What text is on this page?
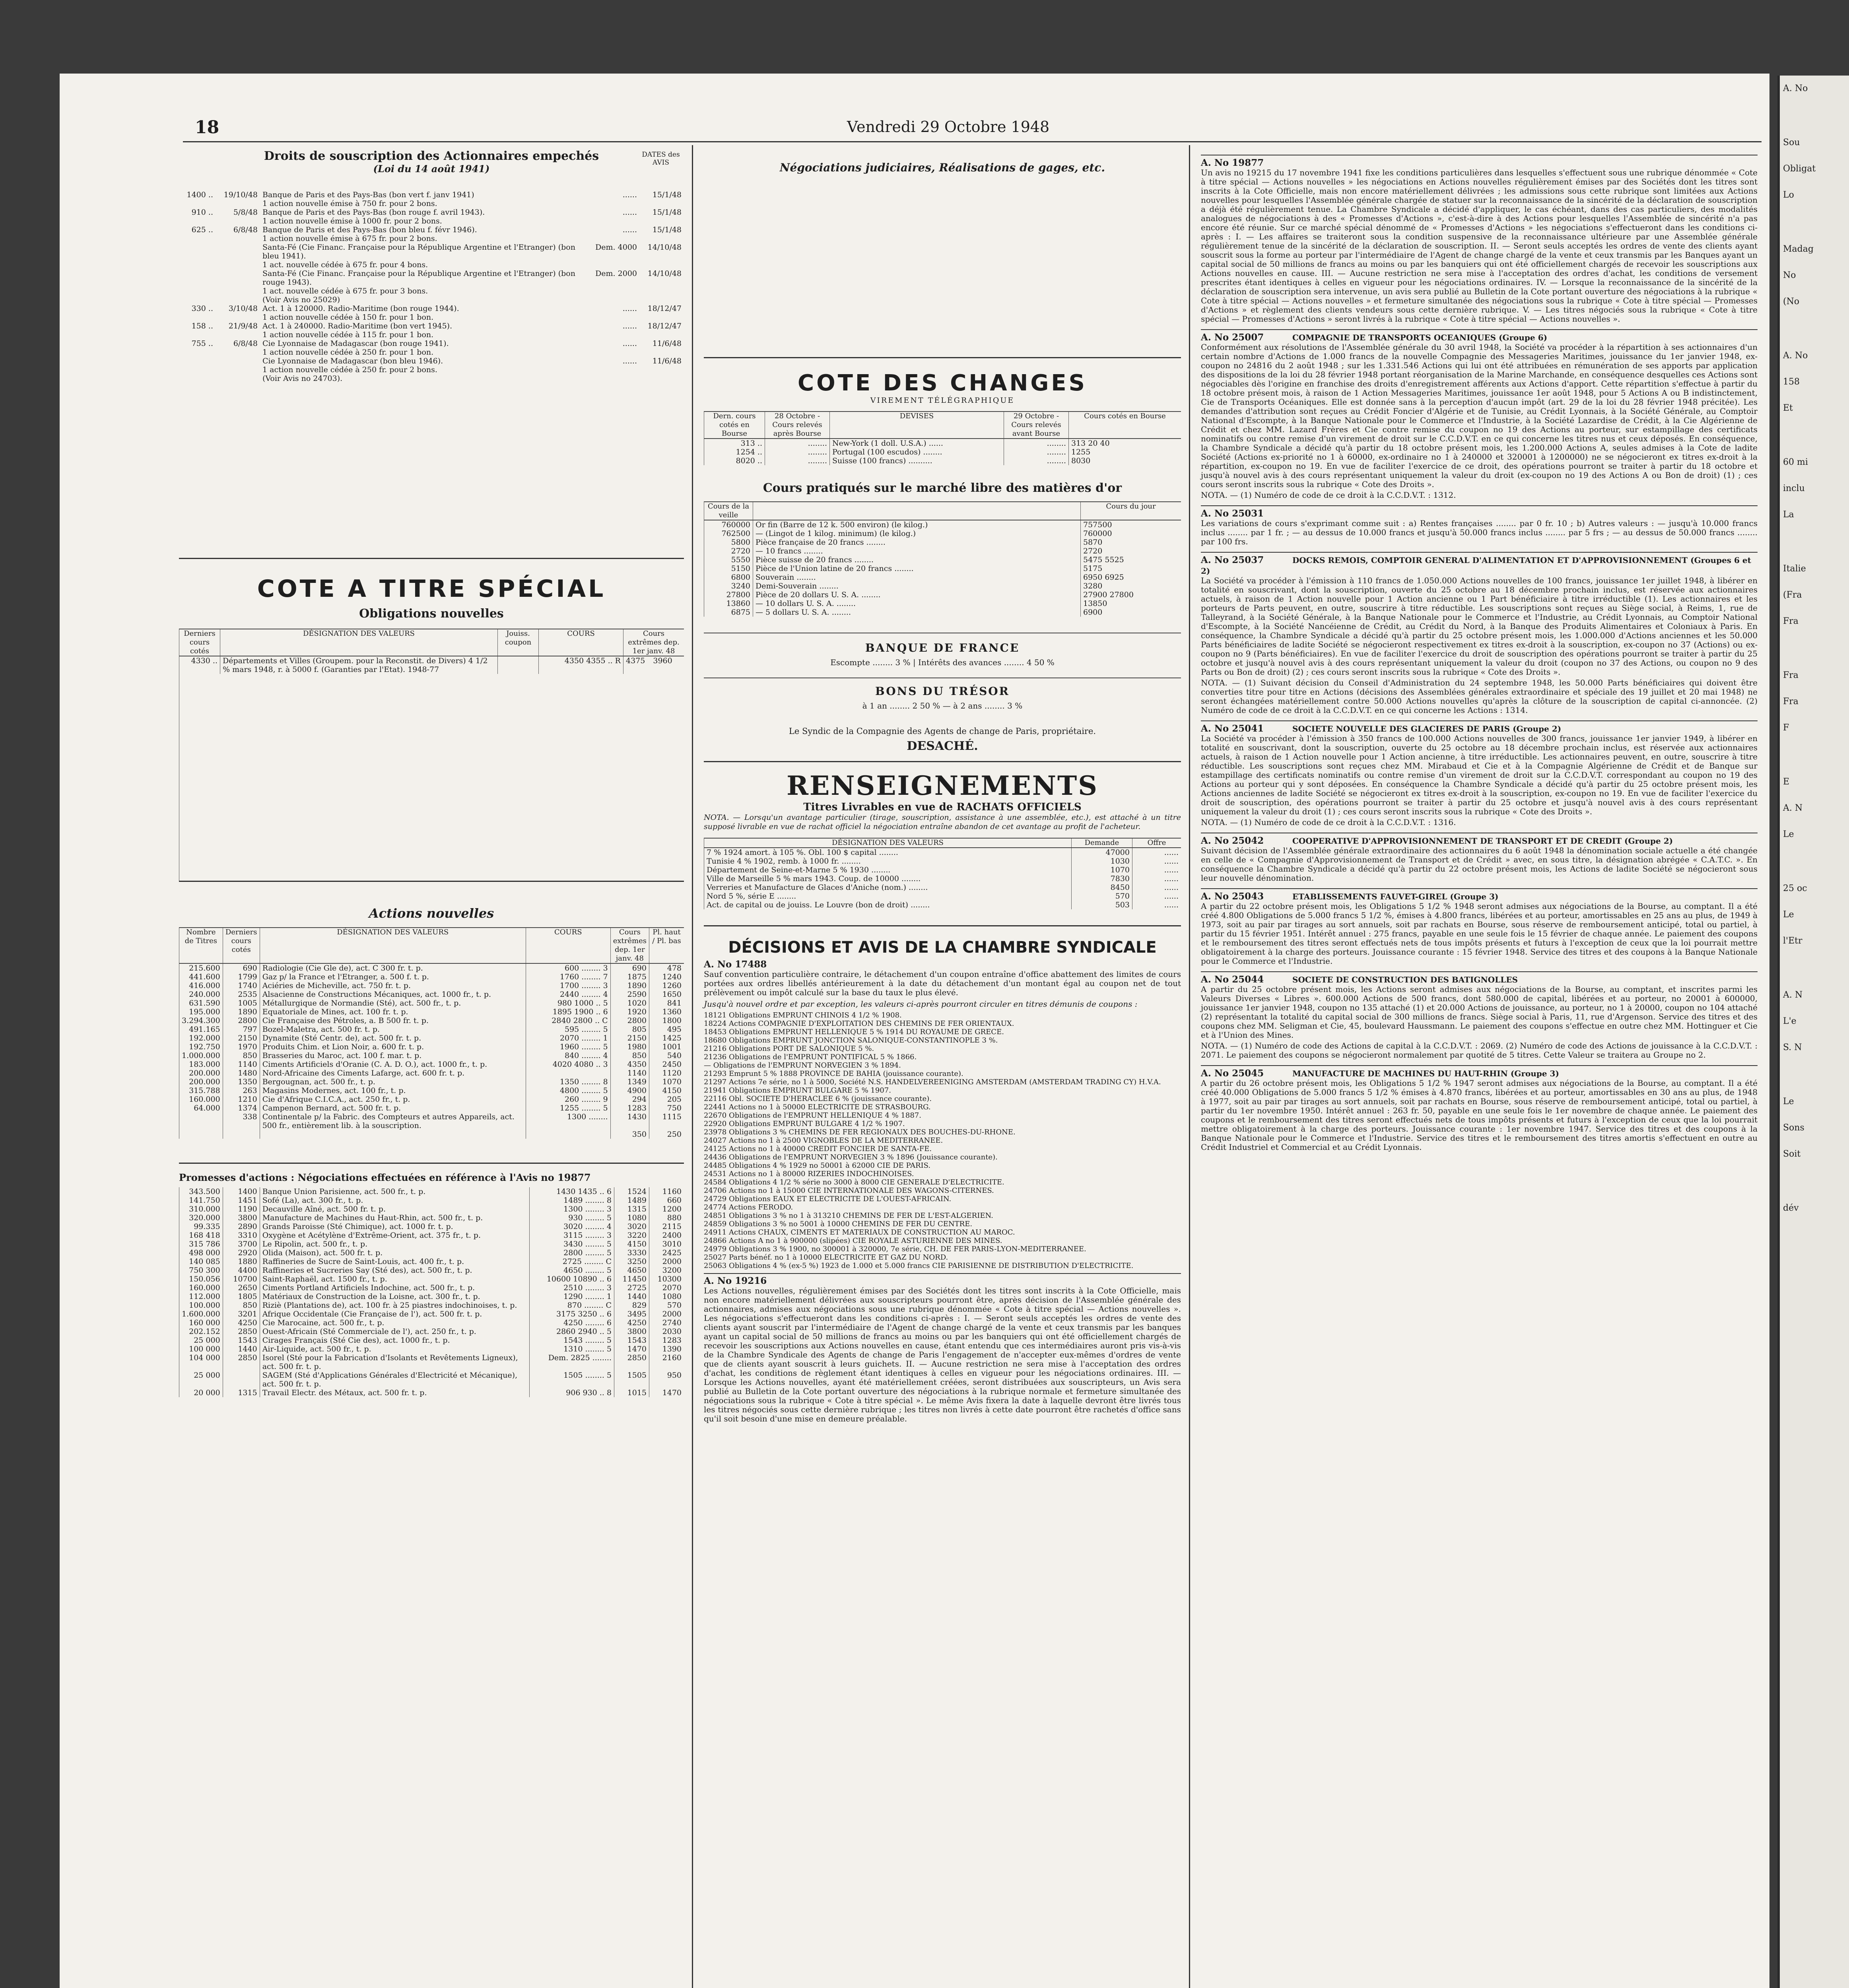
18	Vendredi 29 Octobre 1948
Droits de souscription des Actionnaires empechés
(Loi du 14 août 1941)
DATES des AVIS
1400 ..	19/10/48	Banque de Paris et des Pays-Bas (bon vert f. janv 1941)	......	15/1/48
		1 action nouvelle émise à 750 fr. pour 2 bons.		
910 ..	5/8/48	Banque de Paris et des Pays-Bas (bon rouge f. avril 1943).	......	15/1/48
		1 action nouvelle émise à 1000 fr. pour 2 bons.		
625 ..	6/8/48	Banque de Paris et des Pays-Bas (bon bleu f. févr 1946).	......	15/1/48
		1 action nouvelle émise à 675 fr. pour 2 bons.		
		Santa-Fé (Cie Financ. Française pour la République Argentine et l'Etranger) (bon bleu 1941).	Dem. 4000	14/10/48
		1 act. nouvelle cédée à 675 fr. pour 4 bons.		
		Santa-Fé (Cie Financ. Française pour la République Argentine et l'Etranger) (bon rouge 1943).	Dem. 2000	14/10/48
		1 act. nouvelle cédée à 675 fr. pour 3 bons.		
		(Voir Avis no 25029)		
330 ..	3/10/48	Act. 1 à 120000. Radio-Maritime (bon rouge 1944).	......	18/12/47
		1 action nouvelle cédée à 150 fr. pour 1 bon.		
158 ..	21/9/48	Act. 1 à 240000. Radio-Maritime (bon vert 1945).	......	18/12/47
		1 action nouvelle cédée à 115 fr. pour 1 bon.		
755 ..	6/8/48	Cie Lyonnaise de Madagascar (bon rouge 1941).	......	11/6/48
		1 action nouvelle cédée à 250 fr. pour 1 bon.		
		Cie Lyonnaise de Madagascar (bon bleu 1946).	......	11/6/48
		1 action nouvelle cédée à 250 fr. pour 2 bons.		
		(Voir Avis no 24703).		
COTE A TITRE SPÉCIAL
Obligations nouvelles
Derniers cours cotés	DÉSIGNATION DES VALEURS	Jouiss. coupon	COURS	Cours extrêmes dep. 1er janv. 48
4330 ..	Départements et Villes (Groupem. pour la Reconstit. de Divers) 4 1/2 % mars 1948, r. à 5000 f. (Garanties par l'Etat). 1948-77		4350 4355 .. R	4375 3960
Actions nouvelles
Nombre de Titres	Derniers cours cotés	DÉSIGNATION DES VALEURS	COURS	Cours extrêmes dep. 1er janv. 48	Pl. haut / Pl. bas
215.600	690	Radiologie (Cie Gle de), act. C 300 fr. t. p.	600 ........ 3	690	478
441.600	1799	Gaz p/ la France et l'Etranger, a. 500 f. t. p.	1760 ........ 7	1875	1240
416.000	1740	Aciéries de Micheville, act. 750 fr. t. p.	1700 ........ 3	1890	1260
240.000	2535	Alsacienne de Constructions Mécaniques, act. 1000 fr., t. p.	2440 ........ 4	2590	1650
631.590	1005	Métallurgique de Normandie (Sté), act. 500 fr., t. p.	980 1000 .. 5	1020	841
195.000	1890	Equatoriale de Mines, act. 100 fr. t. p.	1895 1900 .. 6	1920	1360
3.294.300	2800	Cie Française des Pétroles, a. B 500 fr. t. p.	2840 2800 .. C	2800	1800
491.165	797	Bozel-Maletra, act. 500 fr. t. p.	595 ........ 5	805	495
192.000	2150	Dynamite (Sté Centr. de), act. 500 fr. t. p.	2070 ........ 1	2150	1425
192.750	1970	Produits Chim. et Lion Noir, a. 600 fr. t. p.	1960 ........ 5	1980	1001
1.000.000	850	Brasseries du Maroc, act. 100 f. mar. t. p.	840 ........ 4	850	540
183.000	1140	Ciments Artificiels d'Oranie (C. A. D. O.), act. 1000 fr., t. p.	4020 4080 .. 3	4350	2450
200.000	1480	Nord-Africaine des Ciments Lafarge, act. 600 fr. t. p.		1140	1120
200.000	1350	Bergougnan, act. 500 fr., t. p.	1350 ........ 8	1349	1070
315.788	263	Magasins Modernes, act. 100 fr., t. p.	4800 ........ 5	4900	4150
160.000	1210	Cie d'Afrique C.I.C.A., act. 250 fr., t. p.	260 ........ 9	294	205
64.000	1374	Campenon Bernard, act. 500 fr. t. p.	1255 ........ 5	1283	750
	338	Continentale p/ la Fabric. des Compteurs et autres Appareils, act. 500 fr., entièrement lib. à la souscription.	1300 ........	1430	1115
				350	250
Promesses d'actions : Négociations effectuées en référence à l'Avis no 19877
343.500	1400	Banque Union Parisienne, act. 500 fr., t. p.	1430 1435 .. 6	1524	1160
141.750	1451	Sofé (La), act. 300 fr., t. p.	1489 ........ 8	1489	660
310.000	1190	Decauville Aîné, act. 500 fr. t. p.	1300 ........ 3	1315	1200
320.000	3800	Manufacture de Machines du Haut-Rhin, act. 500 fr., t. p.	930 ........ 5	1080	880
99.335	2890	Grands Paroisse (Sté Chimique), act. 1000 fr. t. p.	3020 ........ 4	3020	2115
168 418	3310	Oxygène et Acétylène d'Extrême-Orient, act. 375 fr., t. p.	3115 ........ 3	3220	2400
315 786	3700	Le Ripolin, act. 500 fr., t. p.	3430 ........ 5	4150	3010
498 000	2920	Olida (Maison), act. 500 fr. t. p.	2800 ........ 5	3330	2425
140 085	1880	Raffineries de Sucre de Saint-Louis, act. 400 fr., t. p.	2725 ........ C	3250	2000
750 300	4400	Raffineries et Sucreries Say (Sté des), act. 500 fr., t. p.	4650 ........ 5	4650	3200
150.056	10700	Saint-Raphaël, act. 1500 fr., t. p.	10600 10890 .. 6	11450	10300
160.000	2650	Ciments Portland Artificiels Indochine, act. 500 fr., t. p.	2510 ........ 3	2725	2070
112.000	1805	Matériaux de Construction de la Loisne, act. 300 fr., t. p.	1290 ........ 1	1440	1080
100.000	850	Riziè (Plantations de), act. 100 fr. à 25 piastres indochinoises, t. p.	870 ........ C	829	570
1.600.000	3201	Afrique Occidentale (Cie Française de l'), act. 500 fr. t. p.	3175 3250 .. 6	3495	2000
160 000	4250	Cie Marocaine, act. 500 fr., t. p.	4250 ........ 6	4250	2740
202.152	2850	Ouest-Africain (Sté Commerciale de l'), act. 250 fr., t. p.	2860 2940 .. 5	3800	2030
25 000	1543	Cirages Français (Sté Cie des), act. 1000 fr., t. p.	1543 ........ 5	1543	1283
100 000	1440	Air-Liquide, act. 500 fr., t. p.	1310 ........ 5	1470	1390
104 000	2850	Isorel (Sté pour la Fabrication d'Isolants et Revêtements Ligneux), act. 500 fr. t. p.	Dem. 2825 ........	2850	2160
25 000		SAGEM (Sté d'Applications Générales d'Electricité et Mécanique), act. 500 fr. t. p.	1505 ........ 5	1505	950
20 000	1315	Travail Electr. des Métaux, act. 500 fr. t. p.	906 930 .. 8	1015	1470
Négociations judiciaires, Réalisations de gages, etc.
COTE DES CHANGES
VIREMENT TÉLÉGRAPHIQUE
Dern. cours cotés en Bourse	28 Octobre - Cours relevés après Bourse	DEVISES	29 Octobre - Cours relevés avant Bourse	Cours cotés en Bourse
313 ..	........	New-York (1 doll. U.S.A.) ......	........	313 20 40
1254 ..	........	Portugal (100 escudos) ........	........	1255
8020 ..	........	Suisse (100 francs) ..........	........	8030
Cours pratiqués sur le marché libre des matières d'or
Cours de la veille		Cours du jour
760000	Or fin (Barre de 12 k. 500 environ) (le kilog.)	757500
762500	— (Lingot de 1 kilog. minimum) (le kilog.)	760000
5800	Pièce française de 20 francs ........	5870
2720	— 10 francs ........	2720
5550	Pièce suisse de 20 francs ........	5475 5525
5150	Pièce de l'Union latine de 20 francs ........	5175
6800	Souverain ........	6950 6925
3240	Demi-Souverain ........	3280
27800	Pièce de 20 dollars U. S. A. ........	27900 27800
13860	— 10 dollars U. S. A. ........	13850
6875	— 5 dollars U. S. A. ........	6900
BANQUE DE FRANCE
Escompte ........ 3 % | Intérêts des avances ........ 4 50 %
BONS DU TRÉSOR
à 1 an ........ 2 50 % — à 2 ans ........ 3 %
Le Syndic de la Compagnie des Agents de change de Paris, propriétaire.
DESACHÉ.
RENSEIGNEMENTS
Titres Livrables en vue de RACHATS OFFICIELS
NOTA. — Lorsqu'un avantage particulier (tirage, souscription, assistance à une assemblée, etc.), est attaché à un titre supposé livrable en vue de rachat officiel la négociation entraîne abandon de cet avantage au profit de l'acheteur.
DÉSIGNATION DES VALEURS	Demande	Offre
7 % 1924 amort. à 105 %. Obl. 100 $ capital ........	47000	......
Tunisie 4 % 1902, remb. à 1000 fr. ........	1030	......
Département de Seine-et-Marne 5 % 1930 ........	1070	......
Ville de Marseille 5 % mars 1943. Coup. de 10000 ........	7830	......
Verreries et Manufacture de Glaces d'Aniche (nom.) ........	8450	......
Nord 5 %, série E ........	570	......
Act. de capital ou de jouiss. Le Louvre (bon de droit) ........	503	......
DÉCISIONS ET AVIS DE LA CHAMBRE SYNDICALE
A. No 17488
Sauf convention particulière contraire, le détachement d'un coupon entraîne d'office abattement des limites de cours portées aux ordres libellés antérieurement à la date du détachement d'un montant égal au coupon net de tout prélèvement ou impôt calculé sur la base du taux le plus élevé.
Jusqu'à nouvel ordre et par exception, les valeurs ci-après pourront circuler en titres démunis de coupons :
18121 Obligations EMPRUNT CHINOIS 4 1/2 % 1908.
18224 Actions COMPAGNIE D'EXPLOITATION DES CHEMINS DE FER ORIENTAUX.
18453 Obligations EMPRUNT HELLENIQUE 5 % 1914 DU ROYAUME DE GRECE.
18680 Obligations EMPRUNT JONCTION SALONIQUE-CONSTANTINOPLE 3 %.
21216 Obligations PORT DE SALONIQUE 5 %.
21236 Obligations de l'EMPRUNT PONTIFICAL 5 % 1866.
— Obligations de l'EMPRUNT NORVEGIEN 3 % 1894.
21293 Emprunt 5 % 1888 PROVINCE DE BAHIA (jouissance courante).
21297 Actions 7e série, no 1 à 5000, Société N.S. HANDELVEREENIGING AMSTERDAM (AMSTERDAM TRADING CY) H.V.A.
21941 Obligations EMPRUNT BULGARE 5 % 1907.
22116 Obl. SOCIETE D'HERACLEE 6 % (jouissance courante).
22441 Actions no 1 à 50000 ELECTRICITE DE STRASBOURG.
22670 Obligations de l'EMPRUNT HELLENIQUE 4 % 1887.
22920 Obligations EMPRUNT BULGARE 4 1/2 % 1907.
23978 Obligations 3 % CHEMINS DE FER REGIONAUX DES BOUCHES-DU-RHONE.
24027 Actions no 1 à 2500 VIGNOBLES DE LA MEDITERRANEE.
24125 Actions no 1 à 40000 CREDIT FONCIER DE SANTA-FE.
24436 Obligations de l'EMPRUNT NORVEGIEN 3 % 1896 (Jouissance courante).
24485 Obligations 4 % 1929 no 50001 à 62000 CIE DE PARIS.
24531 Actions no 1 à 80000 RIZERIES INDOCHINOISES.
24584 Obligations 4 1/2 % série no 3000 à 8000 CIE GENERALE D'ELECTRICITE.
24706 Actions no 1 à 15000 CIE INTERNATIONALE DES WAGONS-CITERNES.
24729 Obligations EAUX ET ELECTRICITE DE L'OUEST-AFRICAIN.
24774 Actions FERODO.
24851 Obligations 3 % no 1 à 313210 CHEMINS DE FER DE L'EST-ALGERIEN.
24859 Obligations 3 % no 5001 à 10000 CHEMINS DE FER DU CENTRE.
24911 Actions CHAUX, CIMENTS ET MATERIAUX DE CONSTRUCTION AU MAROC.
24866 Actions A no 1 à 900000 (slipées) CIE ROYALE ASTURIENNE DES MINES.
24979 Obligations 3 % 1900, no 300001 à 320000, 7e série, CH. DE FER PARIS-LYON-MEDITERRANEE.
25027 Parts bénéf. no 1 à 10000 ELECTRICITE ET GAZ DU NORD.
25063 Obligations 4 % (ex-5 %) 1923 de 1.000 et 5.000 francs CIE PARISIENNE DE DISTRIBUTION D'ELECTRICITE.
A. No 19216
Les Actions nouvelles, régulièrement émises par des Sociétés dont les titres sont inscrits à la Cote Officielle, mais non encore matériellement délivrées aux souscripteurs pourront être, après décision de l'Assemblée générale des actionnaires, admises aux négociations sous une rubrique dénommée « Cote à titre spécial — Actions nouvelles ». Les négociations s'effectueront dans les conditions ci-après : I. — Seront seuls acceptés les ordres de vente des clients ayant souscrit par l'intermédiaire de l'Agent de change chargé de la vente et ceux transmis par les banques ayant un capital social de 50 millions de francs au moins ou par les banquiers qui ont été officiellement chargés de recevoir les souscriptions aux Actions nouvelles en cause, étant entendu que ces intermédiaires auront pris vis-à-vis de la Chambre Syndicale des Agents de change de Paris l'engagement de n'accepter eux-mêmes d'ordres de vente que de clients ayant souscrit à leurs guichets. II. — Aucune restriction ne sera mise à l'acceptation des ordres d'achat, les conditions de règlement étant identiques à celles en vigueur pour les négociations ordinaires. III. — Lorsque les Actions nouvelles, ayant été matériellement créées, seront distribuées aux souscripteurs, un Avis sera publié au Bulletin de la Cote portant ouverture des négociations à la rubrique normale et fermeture simultanée des négociations sous la rubrique « Cote à titre spécial ». Le même Avis fixera la date à laquelle devront être livrés tous les titres négociés sous cette dernière rubrique ; les titres non livrés à cette date pourront être rachetés d'office sans qu'il soit besoin d'une mise en demeure préalable.
A. No 19877
Un avis no 19215 du 17 novembre 1941 fixe les conditions particulières dans lesquelles s'effectuent sous une rubrique dénommée « Cote à titre spécial — Actions nouvelles » les négociations en Actions nouvelles régulièrement émises par des Sociétés dont les titres sont inscrits à la Cote Officielle, mais non encore matériellement délivrées ; les admissions sous cette rubrique sont limitées aux Actions nouvelles pour lesquelles l'Assemblée générale chargée de statuer sur la reconnaissance de la sincérité de la déclaration de souscription a déjà été régulièrement tenue. La Chambre Syndicale a décidé d'appliquer, le cas échéant, dans des cas particuliers, des modalités analogues de négociations à des « Promesses d'Actions », c'est-à-dire à des Actions pour lesquelles l'Assemblée de sincérité n'a pas encore été réunie. Sur ce marché spécial dénommé de « Promesses d'Actions » les négociations s'effectueront dans les conditions ci-après : I. — Les affaires se traiteront sous la condition suspensive de la reconnaissance ultérieure par une Assemblée générale régulièrement tenue de la sincérité de la déclaration de souscription. II. — Seront seuls acceptés les ordres de vente des clients ayant souscrit sous la forme au porteur par l'intermédiaire de l'Agent de change chargé de la vente et ceux transmis par les Banques ayant un capital social de 50 millions de francs au moins ou par les banquiers qui ont été officiellement chargés de recevoir les souscriptions aux Actions nouvelles en cause. III. — Aucune restriction ne sera mise à l'acceptation des ordres d'achat, les conditions de versement prescrites étant identiques à celles en vigueur pour les négociations ordinaires. IV. — Lorsque la reconnaissance de la sincérité de la déclaration de souscription sera intervenue, un avis sera publié au Bulletin de la Cote portant ouverture des négociations à la rubrique « Cote à titre spécial — Actions nouvelles » et fermeture simultanée des négociations sous la rubrique « Cote à titre spécial — Promesses d'Actions » et règlement des clients vendeurs sous cette dernière rubrique. V. — Les titres négociés sous la rubrique « Cote à titre spécial — Promesses d'Actions » seront livrés à la rubrique « Cote à titre spécial — Actions nouvelles ».
A. No 25007	COMPAGNIE DE TRANSPORTS OCEANIQUES (Groupe 6)
Conformément aux résolutions de l'Assemblée générale du 30 avril 1948, la Société va procéder à la répartition à ses actionnaires d'un certain nombre d'Actions de 1.000 francs de la nouvelle Compagnie des Messageries Maritimes, jouissance du 1er janvier 1948, ex-coupon no 24816 du 2 août 1948 ; sur les 1.331.546 Actions qui lui ont été attribuées en rémunération de ses apports par application des dispositions de la loi du 28 février 1948 portant réorganisation de la Marine Marchande, en conséquence desquelles ces Actions sont négociables dès l'origine en franchise des droits d'enregistrement afférents aux Actions d'apport. Cette répartition s'effectue à partir du 18 octobre présent mois, à raison de 1 Action Messageries Maritimes, jouissance 1er août 1948, pour 5 Actions A ou B indistinctement, Cie de Transports Océaniques. Elle est donnée sans à la perception d'aucun impôt (art. 29 de la loi du 28 février 1948 précitée). Les demandes d'attribution sont reçues au Crédit Foncier d'Algérie et de Tunisie, au Crédit Lyonnais, à la Société Générale, au Comptoir National d'Escompte, à la Banque Nationale pour le Commerce et l'Industrie, à la Société Lazardise de Crédit, à la Cie Algérienne de Crédit et chez MM. Lazard Frères et Cie contre remise du coupon no 19 des Actions au porteur, sur estampillage des certificats nominatifs ou contre remise d'un virement de droit sur le C.C.D.V.T. en ce qui concerne les titres nus et ceux déposés. En conséquence, la Chambre Syndicale a décidé qu'à partir du 18 octobre présent mois, les 1.200.000 Actions A, seules admises à la Cote de ladite Société (Actions ex-priorité no 1 à 60000, ex-ordinaire no 1 à 240000 et 320001 à 1200000) ne se négocieront ex titres ex-droit à la répartition, ex-coupon no 19. En vue de faciliter l'exercice de ce droit, des opérations pourront se traiter à partir du 18 octobre et jusqu'à nouvel avis à des cours représentant uniquement la valeur du droit (ex-coupon no 19 des Actions A ou Bon de droit) (1) ; ces cours seront inscrits sous la rubrique « Cote des Droits ».
NOTA. — (1) Numéro de code de ce droit à la C.C.D.V.T. : 1312.
A. No 25031
Les variations de cours s'exprimant comme suit : a) Rentes françaises ........ par 0 fr. 10 ; b) Autres valeurs : — jusqu'à 10.000 francs inclus ........ par 1 fr. ; — au dessus de 10.000 francs et jusqu'à 50.000 francs inclus ........ par 5 frs ; — au dessus de 50.000 francs ........ par 100 frs.
A. No 25037	DOCKS REMOIS, COMPTOIR GENERAL D'ALIMENTATION ET D'APPROVISIONNEMENT (Groupes 6 et 2)
La Société va procéder à l'émission à 110 francs de 1.050.000 Actions nouvelles de 100 francs, jouissance 1er juillet 1948, à libérer en totalité en souscrivant, dont la souscription, ouverte du 25 octobre au 18 décembre prochain inclus, est réservée aux actionnaires actuels, à raison de 1 Action nouvelle pour 1 Action ancienne ou 1 Part bénéficiaire à titre irréductible (1). Les actionnaires et les porteurs de Parts peuvent, en outre, souscrire à titre réductible. Les souscriptions sont reçues au Siège social, à Reims, 1, rue de Talleyrand, à la Société Générale, à la Banque Nationale pour le Commerce et l'Industrie, au Crédit Lyonnais, au Comptoir National d'Escompte, à la Société Nancéienne de Crédit, au Crédit du Nord, à la Banque des Produits Alimentaires et Coloniaux à Paris. En conséquence, la Chambre Syndicale a décidé qu'à partir du 25 octobre présent mois, les 1.000.000 d'Actions anciennes et les 50.000 Parts bénéficiaires de ladite Société se négocieront respectivement ex titres ex-droit à la souscription, ex-coupon no 37 (Actions) ou ex-coupon no 9 (Parts bénéficiaires). En vue de faciliter l'exercice du droit de souscription des opérations pourront se traiter à partir du 25 octobre et jusqu'à nouvel avis à des cours représentant uniquement la valeur du droit (coupon no 37 des Actions, ou coupon no 9 des Parts ou Bon de droit) (2) ; ces cours seront inscrits sous la rubrique « Cote des Droits ».
NOTA. — (1) Suivant décision du Conseil d'Administration du 24 septembre 1948, les 50.000 Parts bénéficiaires qui doivent être converties titre pour titre en Actions (décisions des Assemblées générales extraordinaire et spéciale des 19 juillet et 20 mai 1948) ne seront échangées matériellement contre 50.000 Actions nouvelles qu'après la clôture de la souscription de capital ci-annoncée. (2) Numéro de code de ce droit à la C.C.D.V.T. en ce qui concerne les Actions : 1314.
A. No 25041	SOCIETE NOUVELLE DES GLACIERES DE PARIS (Groupe 2)
La Société va procéder à l'émission à 350 francs de 100.000 Actions nouvelles de 300 francs, jouissance 1er janvier 1949, à libérer en totalité en souscrivant, dont la souscription, ouverte du 25 octobre au 18 décembre prochain inclus, est réservée aux actionnaires actuels, à raison de 1 Action nouvelle pour 1 Action ancienne, à titre irréductible. Les actionnaires peuvent, en outre, souscrire à titre réductible. Les souscriptions sont reçues chez MM. Mirabaud et Cie et à la Compagnie Algérienne de Crédit et de Banque sur estampillage des certificats nominatifs ou contre remise d'un virement de droit sur la C.C.D.V.T. correspondant au coupon no 19 des Actions au porteur qui y sont déposées. En conséquence la Chambre Syndicale a décidé qu'à partir du 25 octobre présent mois, les Actions anciennes de ladite Société se négocieront ex titres ex-droit à la souscription, ex-coupon no 19. En vue de faciliter l'exercice du droit de souscription, des opérations pourront se traiter à partir du 25 octobre et jusqu'à nouvel avis à des cours représentant uniquement la valeur du droit (1) ; ces cours seront inscrits sous la rubrique « Cote des Droits ».
NOTA. — (1) Numéro de code de ce droit à la C.C.D.V.T. : 1316.
A. No 25042	COOPERATIVE D'APPROVISIONNEMENT DE TRANSPORT ET DE CREDIT (Groupe 2)
Suivant décision de l'Assemblée générale extraordinaire des actionnaires du 6 août 1948 la dénomination sociale actuelle a été changée en celle de « Compagnie d'Approvisionnement de Transport et de Crédit » avec, en sous titre, la désignation abrégée « C.A.T.C. ». En conséquence la Chambre Syndicale a décidé qu'à partir du 22 octobre présent mois, les Actions de ladite Société se négocieront sous leur nouvelle dénomination.
A. No 25043	ETABLISSEMENTS FAUVET-GIREL (Groupe 3)
A partir du 22 octobre présent mois, les Obligations 5 1/2 % 1948 seront admises aux négociations de la Bourse, au comptant. Il a été créé 4.800 Obligations de 5.000 francs 5 1/2 %, émises à 4.800 francs, libérées et au porteur, amortissables en 25 ans au plus, de 1949 à 1973, soit au pair par tirages au sort annuels, soit par rachats en Bourse, sous réserve de remboursement anticipé, total ou partiel, à partir du 15 février 1951. Intérêt annuel : 275 francs, payable en une seule fois le 15 février de chaque année. Le paiement des coupons et le remboursement des titres seront effectués nets de tous impôts présents et futurs à l'exception de ceux que la loi pourrait mettre obligatoirement à la charge des porteurs. Jouissance courante : 15 février 1948. Service des titres et des coupons à la Banque Nationale pour le Commerce et l'Industrie.
A. No 25044	SOCIETE DE CONSTRUCTION DES BATIGNOLLES
A partir du 25 octobre présent mois, les Actions seront admises aux négociations de la Bourse, au comptant, et inscrites parmi les Valeurs Diverses « Libres ». 600.000 Actions de 500 francs, dont 580.000 de capital, libérées et au porteur, no 20001 à 600000, jouissance 1er janvier 1948, coupon no 135 attaché (1) et 20.000 Actions de jouissance, au porteur, no 1 à 20000, coupon no 104 attaché (2) représentant la totalité du capital social de 300 millions de francs. Siège social à Paris, 11, rue d'Argenson. Service des titres et des coupons chez MM. Seligman et Cie, 45, boulevard Haussmann. Le paiement des coupons s'effectue en outre chez MM. Hottinguer et Cie et à l'Union des Mines.
NOTA. — (1) Numéro de code des Actions de capital à la C.C.D.V.T. : 2069. (2) Numéro de code des Actions de jouissance à la C.C.D.V.T. : 2071. Le paiement des coupons se négocieront normalement par quotité de 5 titres. Cette Valeur se traitera au Groupe no 2.
A. No 25045	MANUFACTURE DE MACHINES DU HAUT-RHIN (Groupe 3)
A partir du 26 octobre présent mois, les Obligations 5 1/2 % 1947 seront admises aux négociations de la Bourse, au comptant. Il a été créé 40.000 Obligations de 5.000 francs 5 1/2 % émises à 4.870 francs, libérées et au porteur, amortissables en 30 ans au plus, de 1948 à 1977, soit au pair par tirages au sort annuels, soit par rachats en Bourse, sous réserve de remboursement anticipé, total ou partiel, à partir du 1er novembre 1950. Intérêt annuel : 263 fr. 50, payable en une seule fois le 1er novembre de chaque année. Le paiement des coupons et le remboursement des titres seront effectués nets de tous impôts présents et futurs à l'exception de ceux que la loi pourrait mettre obligatoirement à la charge des porteurs. Jouissance courante : 1er novembre 1947. Service des titres et des coupons à la Banque Nationale pour le Commerce et l'Industrie. Service des titres et le remboursement des titres amortis s'effectuent en outre au Crédit Industriel et Commercial et au Crédit Lyonnais.
A. No
Sou
Obligat
Lo
Madag
No
(No
A. No
158
Et
60 mi
inclu
La
Italie
(Fra
Fra
Fra
Fra
F
E
A. N
Le
25 oc
Le
l'Etr
A. N
L'e
S. N
Le
Sons
Soit
dév
